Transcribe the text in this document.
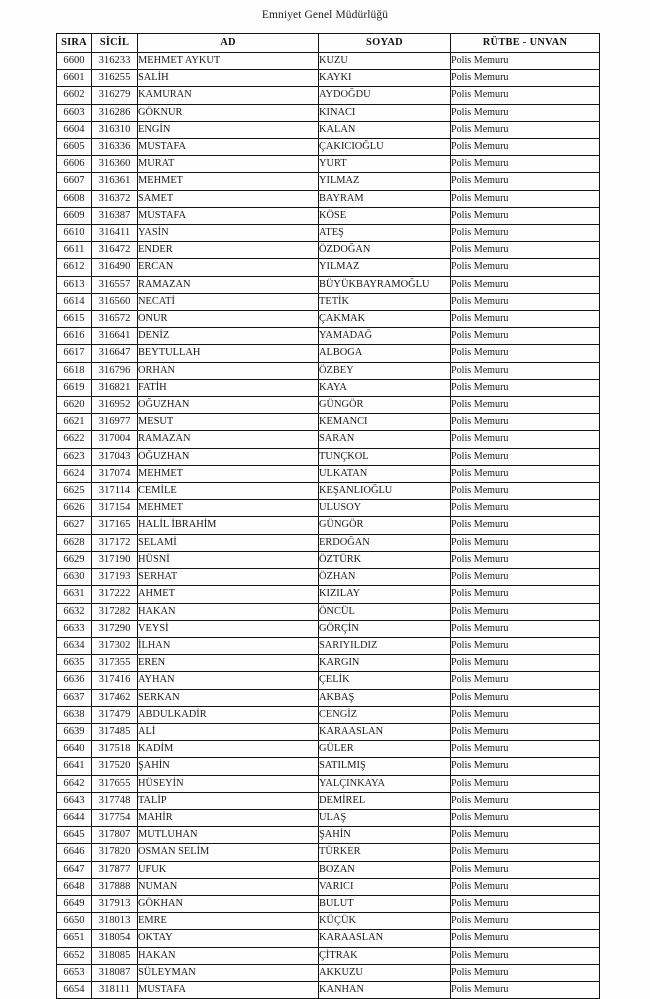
Emniyet Genel Müdürlüğü
SIRA	SİCİL	AD	SOYAD	RÜTBE - UNVAN
6600	316233	MEHMET AYKUT	KUZU	Polis Memuru
6601	316255	SALİH	KAYKI	Polis Memuru
6602	316279	KAMURAN	AYDOĞDU	Polis Memuru
6603	316286	GÖKNUR	KINACI	Polis Memuru
6604	316310	ENGİN	KALAN	Polis Memuru
6605	316336	MUSTAFA	ÇAKICIOĞLU	Polis Memuru
6606	316360	MURAT	YURT	Polis Memuru
6607	316361	MEHMET	YILMAZ	Polis Memuru
6608	316372	SAMET	BAYRAM	Polis Memuru
6609	316387	MUSTAFA	KÖSE	Polis Memuru
6610	316411	YASİN	ATEŞ	Polis Memuru
6611	316472	ENDER	ÖZDOĞAN	Polis Memuru
6612	316490	ERCAN	YILMAZ	Polis Memuru
6613	316557	RAMAZAN	BÜYÜKBAYRAMOĞLU	Polis Memuru
6614	316560	NECATİ	TETİK	Polis Memuru
6615	316572	ONUR	ÇAKMAK	Polis Memuru
6616	316641	DENİZ	YAMADAĞ	Polis Memuru
6617	316647	BEYTULLAH	ALBOGA	Polis Memuru
6618	316796	ORHAN	ÖZBEY	Polis Memuru
6619	316821	FATİH	KAYA	Polis Memuru
6620	316952	OĞUZHAN	GÜNGÖR	Polis Memuru
6621	316977	MESUT	KEMANCI	Polis Memuru
6622	317004	RAMAZAN	SARAN	Polis Memuru
6623	317043	OĞUZHAN	TUNÇKOL	Polis Memuru
6624	317074	MEHMET	ULKATAN	Polis Memuru
6625	317114	CEMİLE	KEŞANLIOĞLU	Polis Memuru
6626	317154	MEHMET	ULUSOY	Polis Memuru
6627	317165	HALİL İBRAHİM	GÜNGÖR	Polis Memuru
6628	317172	SELAMİ	ERDOĞAN	Polis Memuru
6629	317190	HÜSNİ	ÖZTÜRK	Polis Memuru
6630	317193	SERHAT	ÖZHAN	Polis Memuru
6631	317222	AHMET	KIZILAY	Polis Memuru
6632	317282	HAKAN	ÖNCÜL	Polis Memuru
6633	317290	VEYSİ	GÖRÇİN	Polis Memuru
6634	317302	İLHAN	SARIYILDIZ	Polis Memuru
6635	317355	EREN	KARGIN	Polis Memuru
6636	317416	AYHAN	ÇELİK	Polis Memuru
6637	317462	SERKAN	AKBAŞ	Polis Memuru
6638	317479	ABDULKADİR	CENGİZ	Polis Memuru
6639	317485	ALİ	KARAASLAN	Polis Memuru
6640	317518	KADİM	GÜLER	Polis Memuru
6641	317520	ŞAHİN	SATILMIŞ	Polis Memuru
6642	317655	HÜSEYİN	YALÇINKAYA	Polis Memuru
6643	317748	TALİP	DEMİREL	Polis Memuru
6644	317754	MAHİR	ULAŞ	Polis Memuru
6645	317807	MUTLUHAN	ŞAHİN	Polis Memuru
6646	317820	OSMAN SELİM	TÜRKER	Polis Memuru
6647	317877	UFUK	BOZAN	Polis Memuru
6648	317888	NUMAN	VARICI	Polis Memuru
6649	317913	GÖKHAN	BULUT	Polis Memuru
6650	318013	EMRE	KÜÇÜK	Polis Memuru
6651	318054	OKTAY	KARAASLAN	Polis Memuru
6652	318085	HAKAN	ÇİTRAK	Polis Memuru
6653	318087	SÜLEYMAN	AKKUZU	Polis Memuru
6654	318111	MUSTAFA	KANHAN	Polis Memuru
